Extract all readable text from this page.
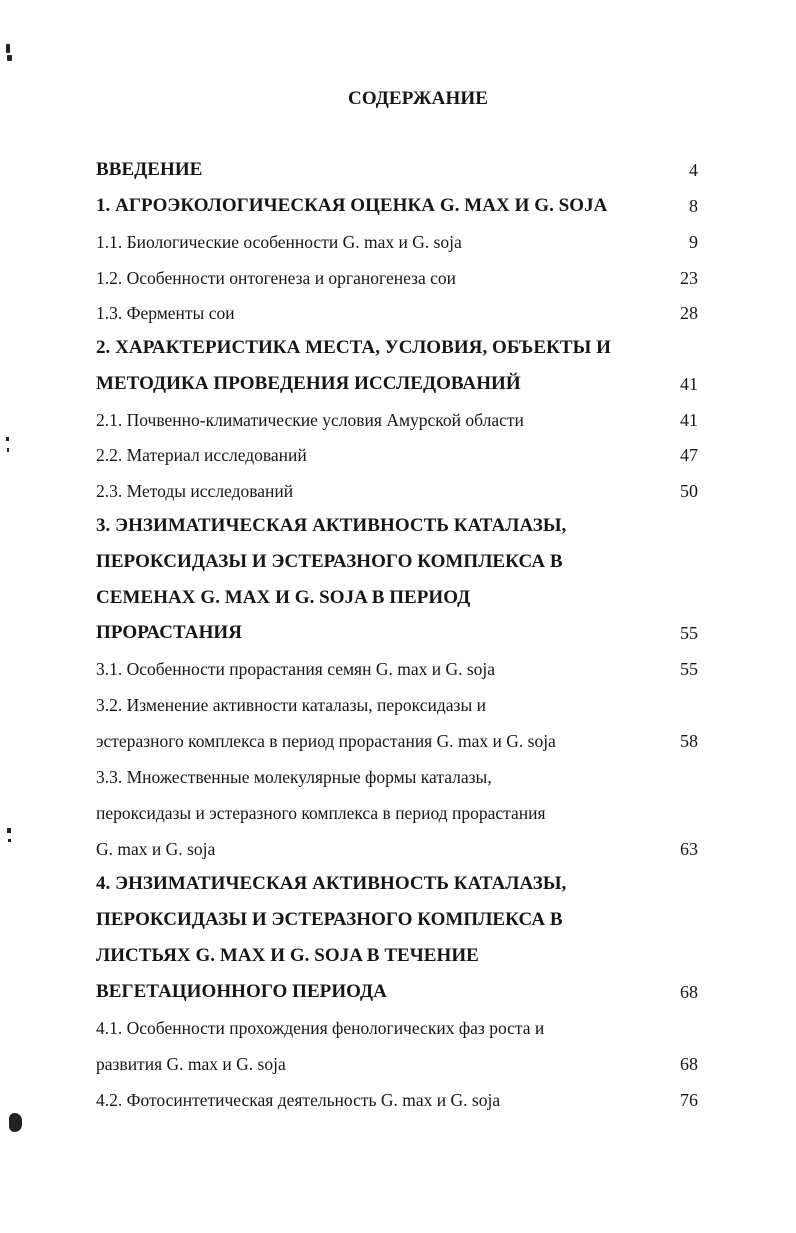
СОДЕРЖАНИЕ
ВВЕДЕНИЕ	4
1. АГРОЭКОЛОГИЧЕСКАЯ ОЦЕНКА G. MAX И G. SOJA	8
1.1. Биологические особенности G. max и G. soja	9
1.2. Особенности онтогенеза и органогенеза сои	23
1.3. Ферменты сои	28
2. ХАРАКТЕРИСТИКА МЕСТА, УСЛОВИЯ, ОБЪЕКТЫ И
МЕТОДИКА ПРОВЕДЕНИЯ ИССЛЕДОВАНИЙ	41
2.1. Почвенно-климатические условия Амурской области	41
2.2. Материал исследований	47
2.3. Методы исследований	50
3. ЭНЗИМАТИЧЕСКАЯ АКТИВНОСТЬ КАТАЛАЗЫ,
ПЕРОКСИДАЗЫ И ЭСТЕРАЗНОГО КОМПЛЕКСА В
СЕМЕНАХ G. MAX И G. SOJA В ПЕРИОД
ПРОРАСТАНИЯ	55
3.1. Особенности прорастания семян G. max и G. soja	55
3.2. Изменение активности каталазы, пероксидазы и
эстеразного комплекса в период прорастания G. max и G. soja	58
3.3. Множественные молекулярные формы каталазы,
пероксидазы и эстеразного комплекса в период прорастания
G. max и G. soja	63
4. ЭНЗИМАТИЧЕСКАЯ АКТИВНОСТЬ КАТАЛАЗЫ,
ПЕРОКСИДАЗЫ И ЭСТЕРАЗНОГО КОМПЛЕКСА В
ЛИСТЬЯХ G. MAX И G. SOJA В ТЕЧЕНИЕ
ВЕГЕТАЦИОННОГО ПЕРИОДА	68
4.1. Особенности прохождения фенологических фаз роста и
развития G. max и G. soja	68
4.2. Фотосинтетическая деятельность G. max и G. soja	76
